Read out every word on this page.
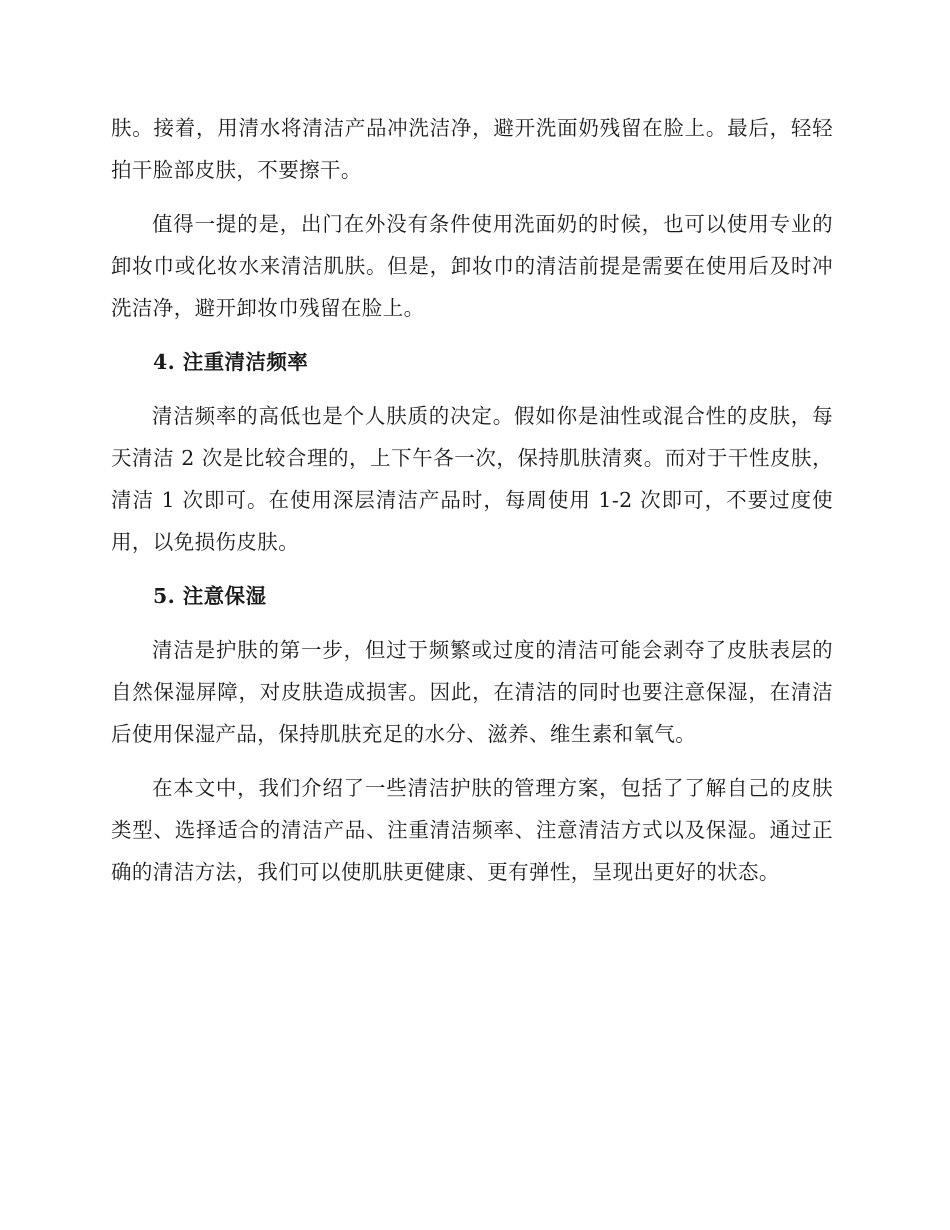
肤。接着，用清水将清洁产品冲洗洁净，避开洗面奶残留在脸上。最后，轻轻拍干脸部皮肤，不要擦干。

值得一提的是，出门在外没有条件使用洗面奶的时候，也可以使用专业的卸妆巾或化妆水来清洁肌肤。但是，卸妆巾的清洁前提是需要在使用后及时冲洗洁净，避开卸妆巾残留在脸上。

4. 注重清洁频率

清洁频率的高低也是个人肤质的决定。假如你是油性或混合性的皮肤，每天清洁 2 次是比较合理的，上下午各一次，保持肌肤清爽。而对于干性皮肤，清洁 1 次即可。在使用深层清洁产品时，每周使用 1-2 次即可，不要过度使用，以免损伤皮肤。

5. 注意保湿

清洁是护肤的第一步，但过于频繁或过度的清洁可能会剥夺了皮肤表层的自然保湿屏障，对皮肤造成损害。因此，在清洁的同时也要注意保湿，在清洁后使用保湿产品，保持肌肤充足的水分、滋养、维生素和氧气。

在本文中，我们介绍了一些清洁护肤的管理方案，包括了了解自己的皮肤类型、选择适合的清洁产品、注重清洁频率、注意清洁方式以及保湿。通过正确的清洁方法，我们可以使肌肤更健康、更有弹性，呈现出更好的状态。
